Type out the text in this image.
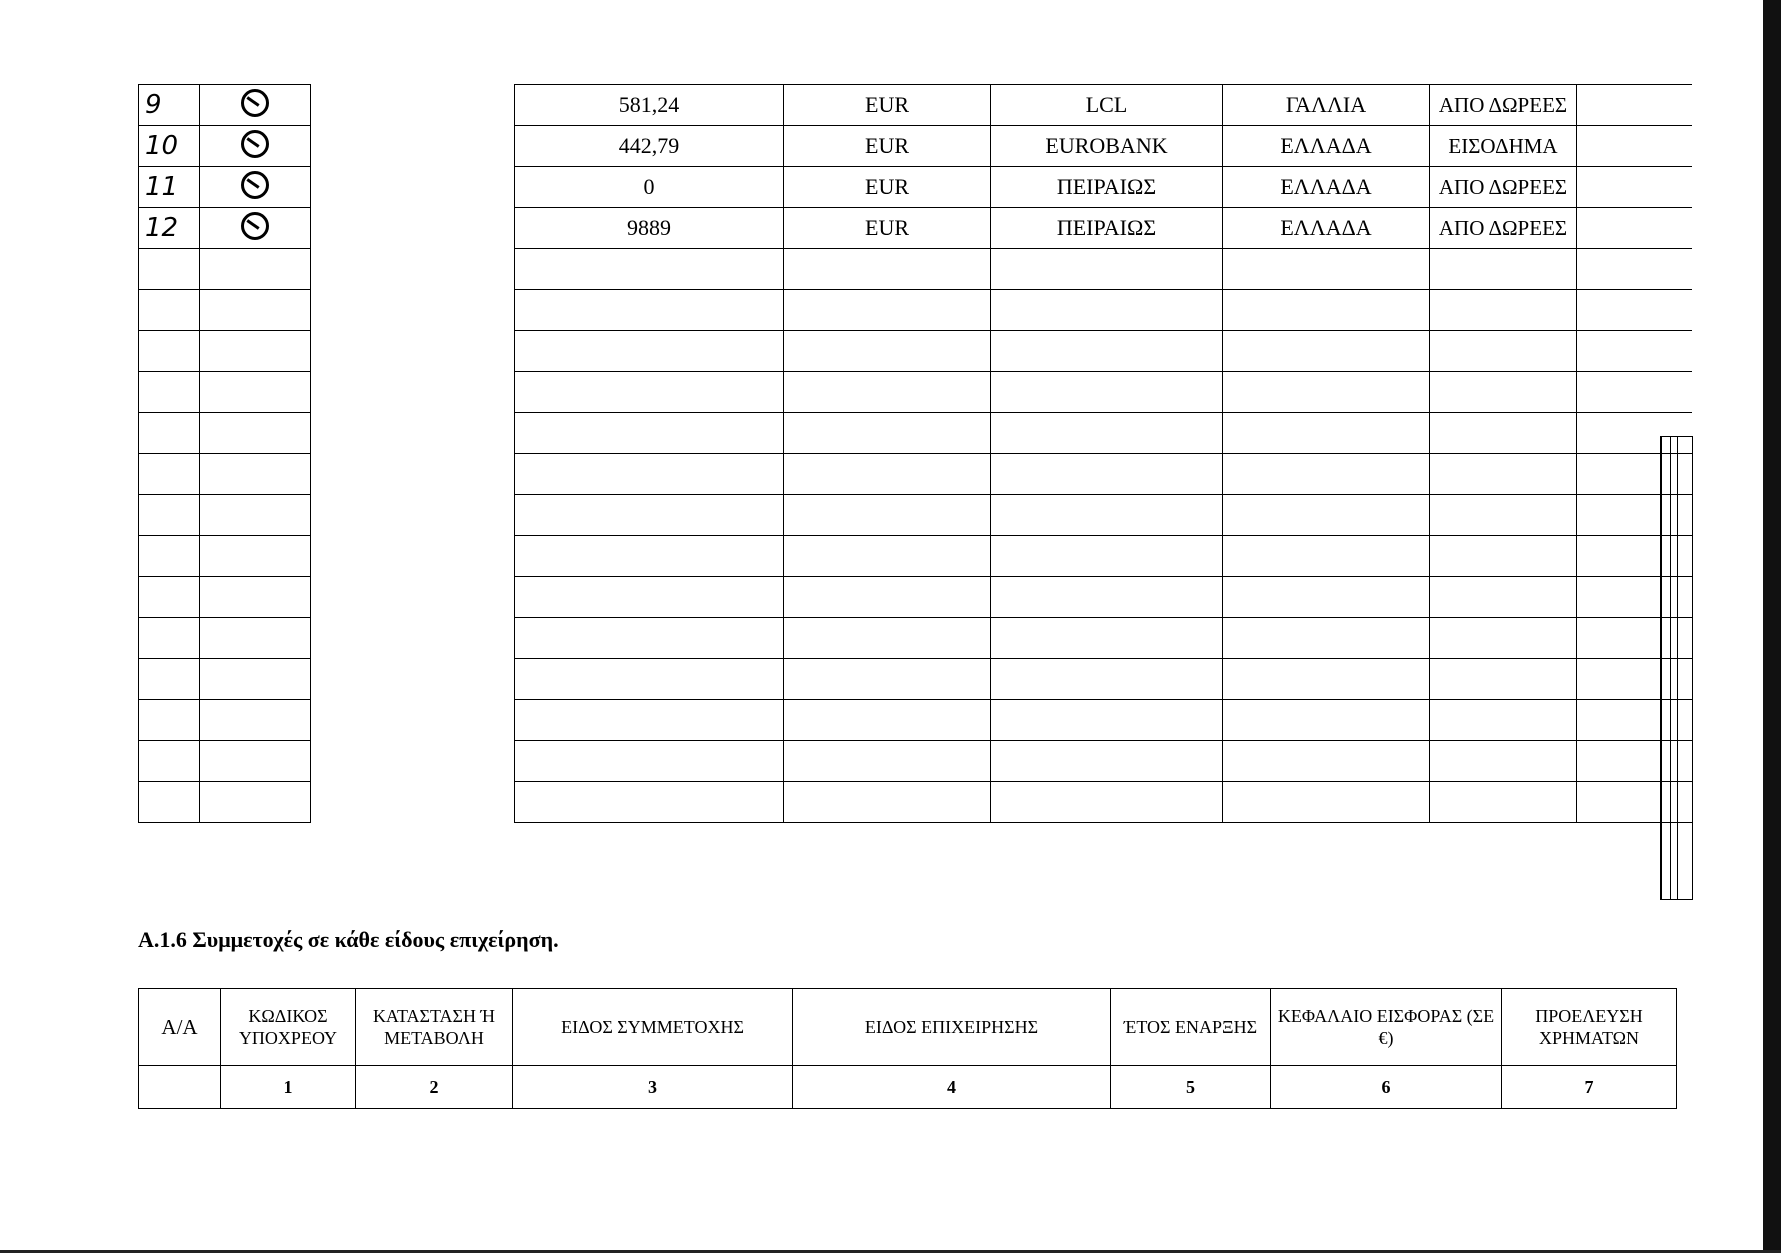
9			581,24	EUR	LCL	ΓΑΛΛΙΑ	ΑΠΟ ΔΩΡΕΕΣ	
10			442,79	EUR	EUROBANK	ΕΛΛΑΔΑ	ΕΙΣΟΔΗΜΑ	
11			0	EUR	ΠΕΙΡΑΙΩΣ	ΕΛΛΑΔΑ	ΑΠΟ ΔΩΡΕΕΣ	
12			9889	EUR	ΠΕΙΡΑΙΩΣ	ΕΛΛΑΔΑ	ΑΠΟ ΔΩΡΕΕΣ	

Α.1.6 Συμμετοχές σε κάθε είδους επιχείρηση.
Α/Α	ΚΩΔΙΚΟΣ ΥΠΟΧΡΕΟΥ	ΚΑΤΑΣΤΑΣΗ Ή ΜΕΤΑΒΟΛΗ	ΕΙΔΟΣ ΣΥΜΜΕΤΟΧΗΣ	ΕΙΔΟΣ ΕΠΙΧΕΙΡΗΣΗΣ	ΈΤΟΣ ΕΝΑΡΞΗΣ	ΚΕΦΑΛΑΙΟ ΕΙΣΦΟΡΑΣ (ΣΕ €)	ΠΡΟΕΛΕΥΣΗ ΧΡΗΜΑΤΩΝ
	1	2	3	4	5	6	7
